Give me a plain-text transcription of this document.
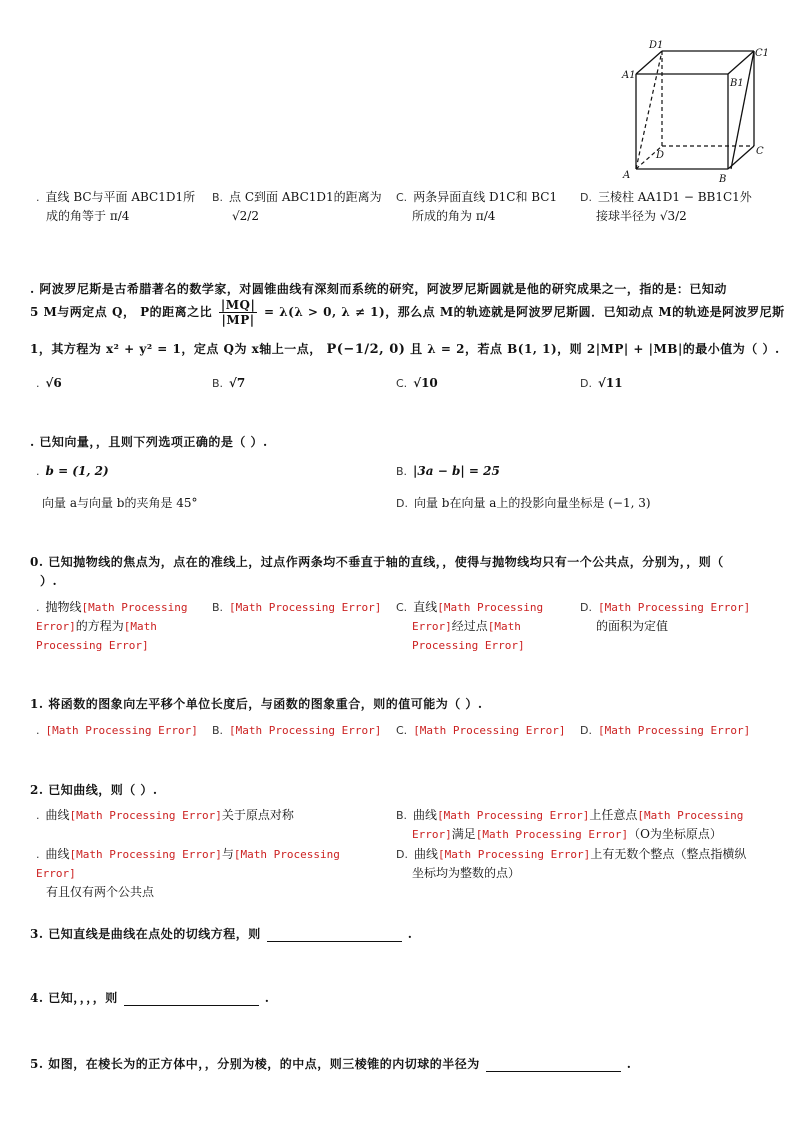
D1
C1
A1
B1
D
A	B
C
. 直线 BC与平面 ABC1D1所
成的角等于 π/4
B. 点 C到面 ABC1D1的距离为
√2/2
C. 两条异面直线 D1C和 BC1
所成的角为 π/4
D. 三棱柱 AA1D1 − BB1C1外
接球半径为 √3/2
. 阿波罗尼斯是古希腊著名的数学家，对圆锥曲线有深刻而系统的研究，阿波罗尼斯圆就是他的研究成果之一，指的是：已知动
5 M与两定点 Q， P的距离之比 $\frac{|MQ|}{|MP|} = \lambda(\lambda > 0$, λ ≠ 1)，那么点 M的轨迹就是阿波罗尼斯圆．已知动点 M的轨迹是阿波罗尼斯
1，其方程为 x² + y² = 1，定点 Q为 x轴上一点， P(−1/2, 0) 且 λ = 2，若点 B(1, 1)，则 2|MP| + |MB|的最小值为（ ）.
. √6	B. √7	C. √10	D. √11
. 已知向量，，且则下列选项正确的是（ ）.
. b = (1, 2)	B. |3a − b| = 25
向量 a与向量 b的夹角是 45°	D. 向量 b在向量 a上的投影向量坐标是 (−1, 3)
0. 已知抛物线的焦点为，点在的准线上，过点作两条均不垂直于轴的直线，，使得与抛物线均只有一个公共点，分别为，，则（
）.
. 抛物线[Math Processing
Error]的方程为[Math
Processing Error]
B. [Math Processing Error] C. 直线[Math Processing
Error]经过点[Math
Processing Error]
D. [Math Processing Error]
的面积为定值
1. 将函数的图象向左平移个单位长度后，与函数的图象重合，则的值可能为（ ）.
. [Math Processing Error] B. [Math Processing Error] C. [Math Processing Error] D. [Math Processing Error]
2. 已知曲线，则（ ）.
. 曲线[Math Processing Error]关于原点对称	B. 曲线[Math Processing Error]上任意点[Math Processing
Error]满足[Math Processing Error]（O为坐标原点）
. 曲线[Math Processing Error]与[Math Processing Error]
有且仅有两个公共点
D. 曲线[Math Processing Error]上有无数个整点（整点指横纵
坐标均为整数的点）
3. 已知直线是曲线在点处的切线方程，则	.
4. 已知，，，，则	.
5. 如图，在棱长为的正方体中，，分别为棱，的中点，则三棱锥的内切球的半径为	.
